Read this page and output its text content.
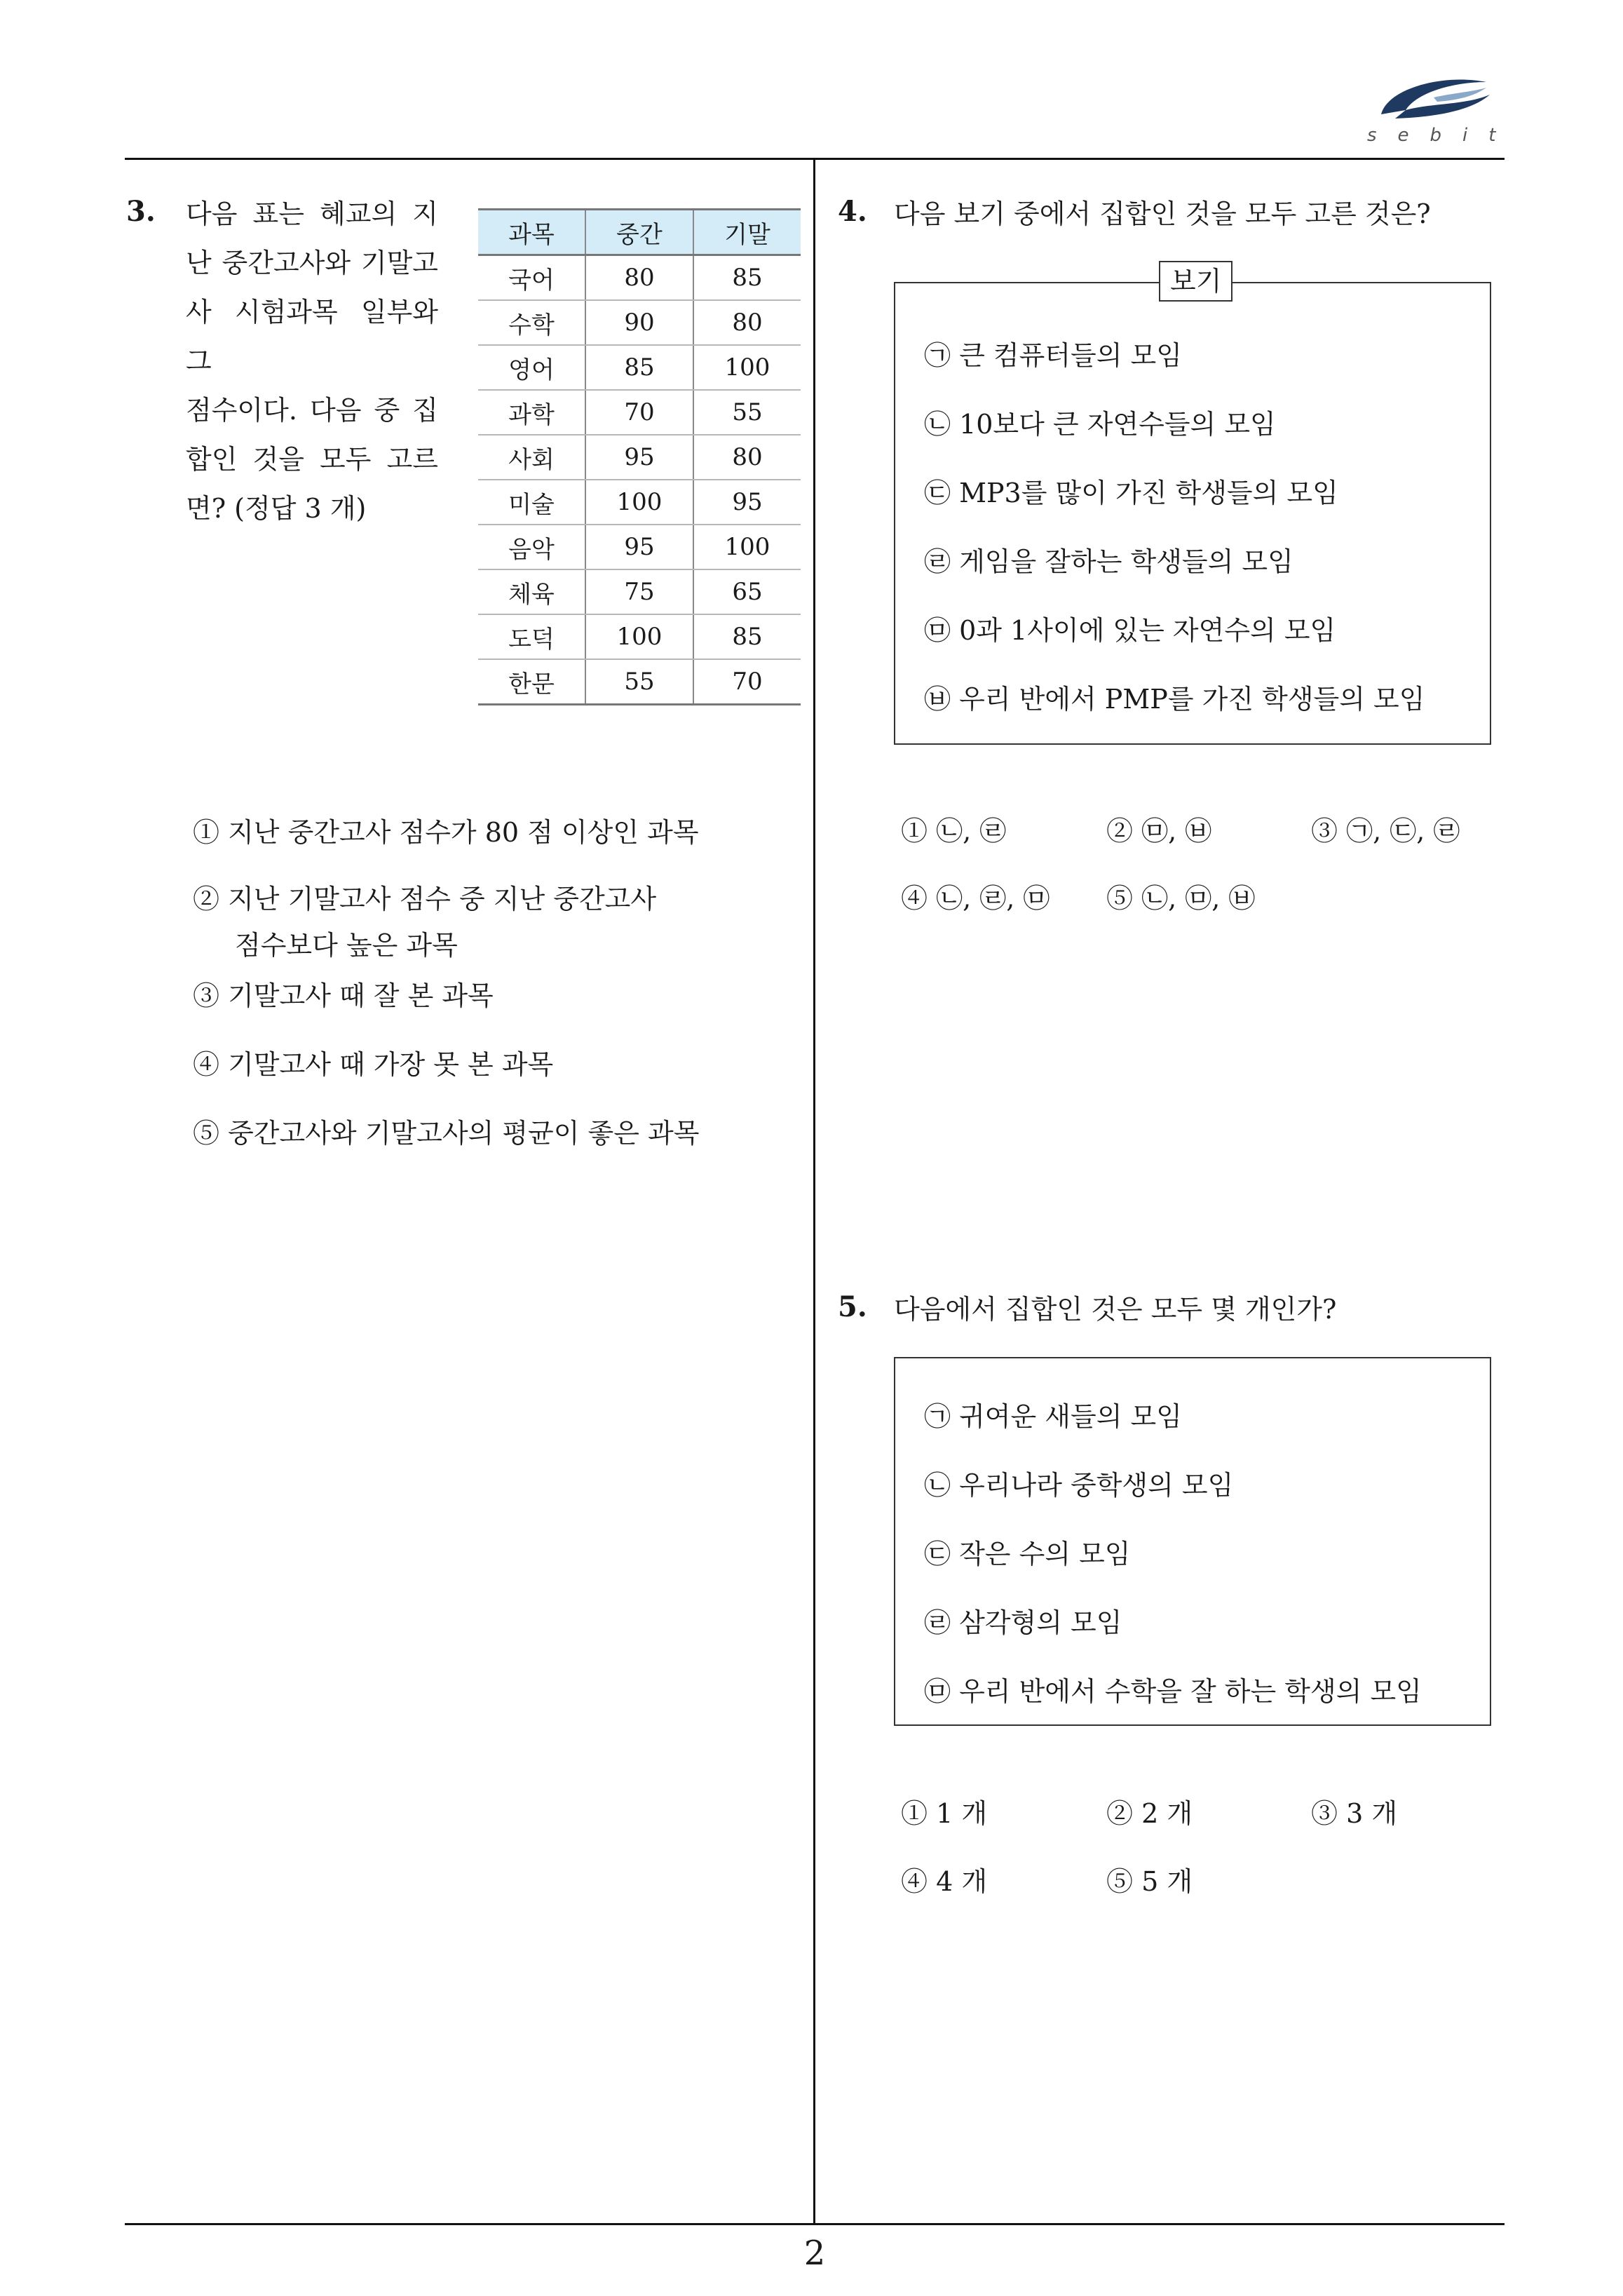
sebit
3. 다음 표는 혜교의 지
난 중간고사와 기말고
사 시험과목 일부와 그
점수이다. 다음 중 집
합인 것을 모두 고르
면? (정답 3 개)
과목	중간	기말
국어	80	85
수학	90	80
영어	85	100
과학	70	55
사회	95	80
미술	100	95
음악	95	100
체육	75	65
도덕	100	85
한문	55	70
① 지난 중간고사 점수가 80 점 이상인 과목
② 지난 기말고사 점수 중 지난 중간고사
점수보다 높은 과목
③ 기말고사 때 잘 본 과목
④ 기말고사 때 가장 못 본 과목
⑤ 중간고사와 기말고사의 평균이 좋은 과목
4. 다음 보기 중에서 집합인 것을 모두 고른 것은?
보기
㉠ 큰 컴퓨터들의 모임
㉡ 10보다 큰 자연수들의 모임
㉢ MP3를 많이 가진 학생들의 모임
㉣ 게임을 잘하는 학생들의 모임
㉤ 0과 1사이에 있는 자연수의 모임
㉥ 우리 반에서 PMP를 가진 학생들의 모임
① ㉡, ㉣	② ㉤, ㉥	③ ㉠, ㉢, ㉣
④ ㉡, ㉣, ㉤ ⑤ ㉡, ㉤, ㉥
5. 다음에서 집합인 것은 모두 몇 개인가?
㉠ 귀여운 새들의 모임
㉡ 우리나라 중학생의 모임
㉢ 작은 수의 모임
㉣ 삼각형의 모임
㉤ 우리 반에서 수학을 잘 하는 학생의 모임
① 1 개	② 2 개	③ 3 개
④ 4 개	⑤ 5 개
2
